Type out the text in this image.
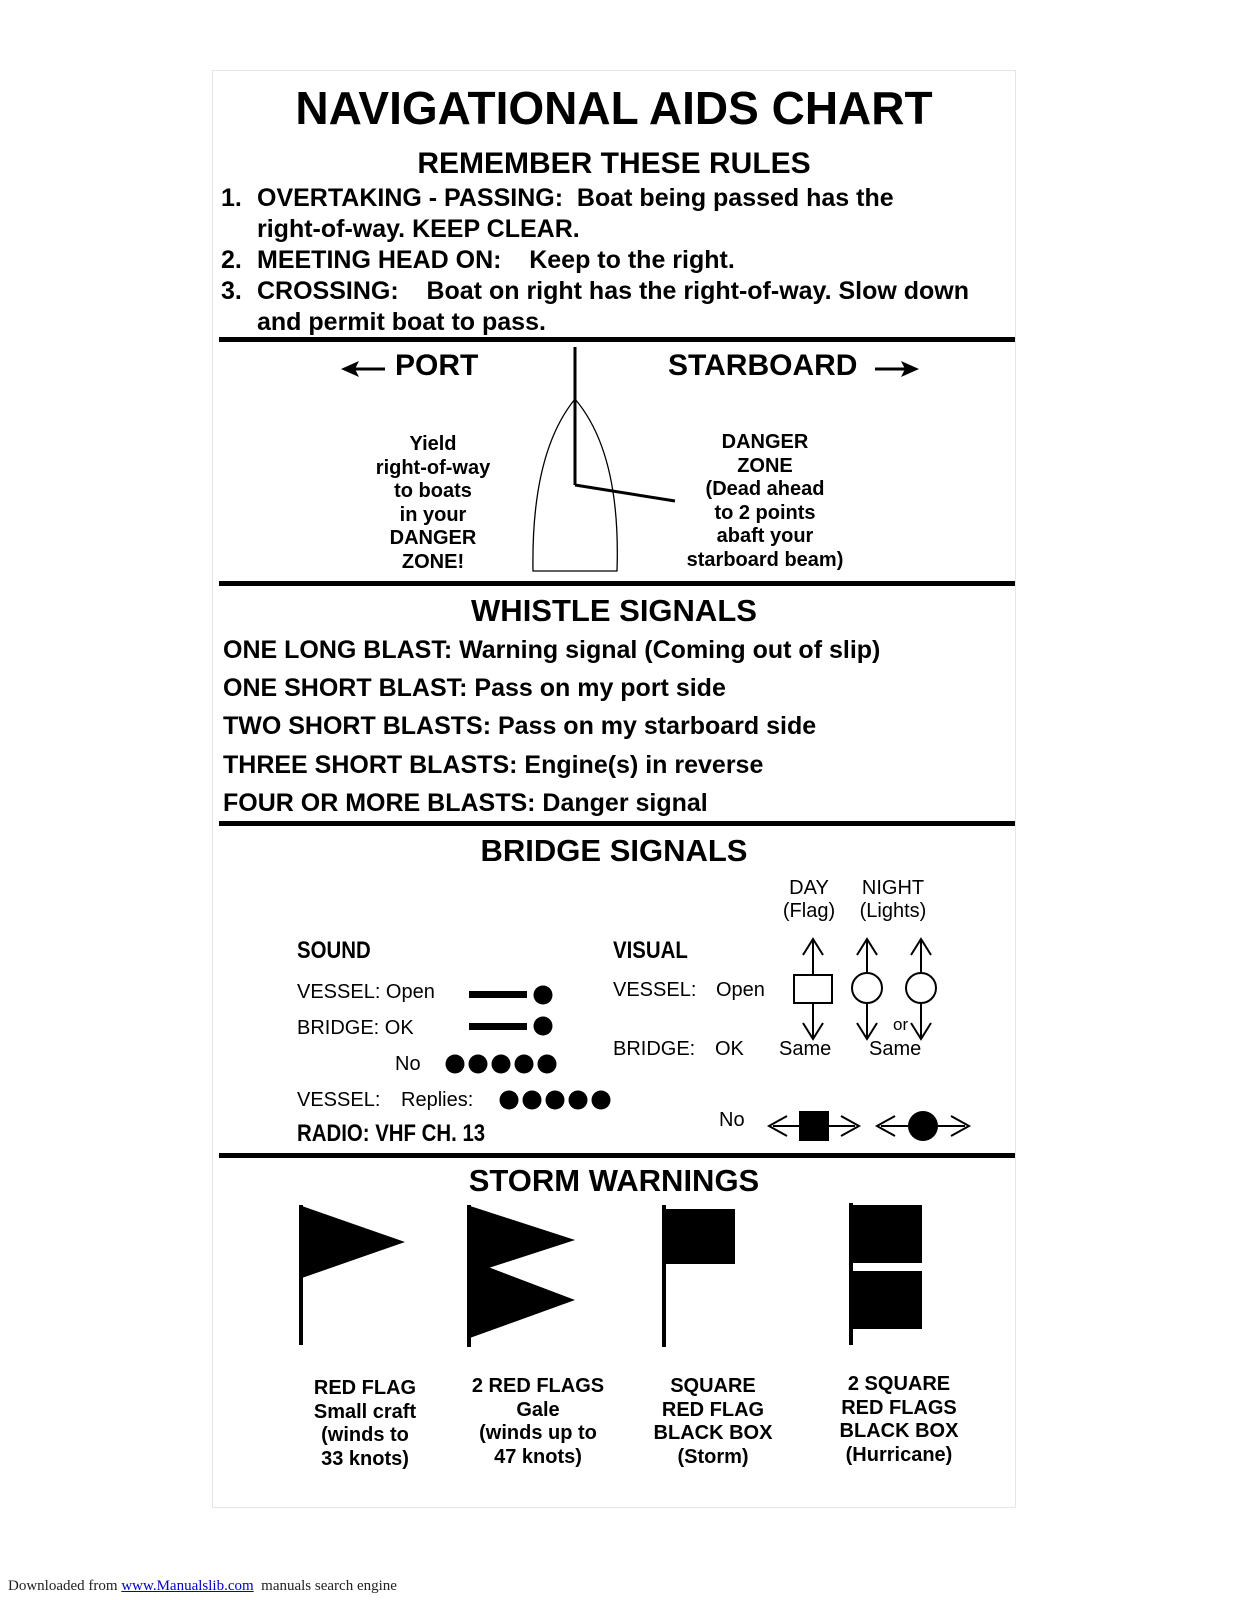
NAVIGATIONAL AIDS CHART
REMEMBER THESE RULES
1. OVERTAKING - PASSING:  Boat being passed has the
right-of-way. KEEP CLEAR.
2. MEETING HEAD ON:    Keep to the right.
3. CROSSING:    Boat on right has the right-of-way. Slow down
and permit boat to pass.
PORT	STARBOARD
Yield
right-of-way
to boats
in your
DANGER
ZONE!
DANGER
ZONE
(Dead ahead
to 2 points
abaft your
starboard beam)
WHISTLE SIGNALS
ONE LONG BLAST: Warning signal (Coming out of slip)
ONE SHORT BLAST: Pass on my port side
TWO SHORT BLASTS: Pass on my starboard side
THREE SHORT BLASTS: Engine(s) in reverse
FOUR OR MORE BLASTS: Danger signal
BRIDGE SIGNALS
DAY
(Flag)
NIGHT
(Lights)
SOUND	VISUAL
VESSEL: Open
BRIDGE: OK
No
VESSEL: Replies:
RADIO: VHF CH. 13
VESSEL: Open
BRIDGE: OK Same Same
or
No
STORM WARNINGS
RED FLAG
Small craft
(winds to
33 knots)
2 RED FLAGS
Gale
(winds up to
47 knots)
SQUARE
RED FLAG
BLACK BOX
(Storm)
2 SQUARE
RED FLAGS
BLACK BOX
(Hurricane)
Downloaded from www.Manualslib.com  manuals search engine
